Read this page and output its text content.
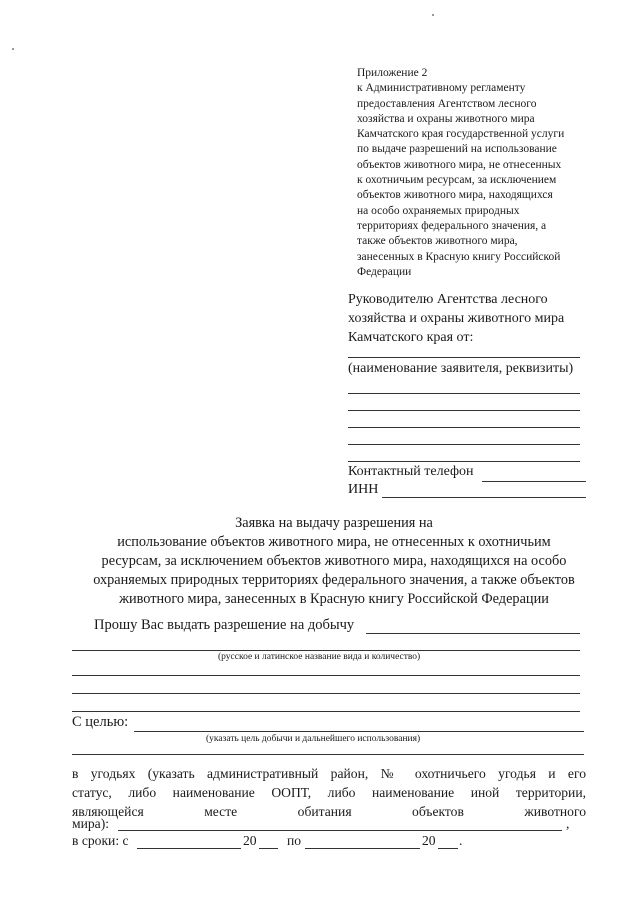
Приложение 2
к Административному регламенту
предоставления Агентством лесного
хозяйства и охраны животного мира
Камчатского края государственной услуги
по выдаче разрешений на использование
объектов животного мира, не отнесенных
к охотничьим ресурсам, за исключением
объектов животного мира, находящихся
на особо охраняемых природных
территориях федерального значения, а
также объектов животного мира,
занесенных в Красную книгу Российской
Федерации
Руководителю Агентства лесного
хозяйства и охраны животного мира
Камчатского края от:
(наименование заявителя, реквизиты)
Контактный телефон
ИНН
Заявка на выдачу разрешения на
использование объектов животного мира, не отнесенных к охотничьим
ресурсам, за исключением объектов животного мира, находящихся на особо
охраняемых природных территориях федерального значения, а также объектов
животного мира, занесенных в Красную книгу Российской Федерации
Прошу Вас выдать разрешение на добычу
(русское и латинское название вида и количество)
С целью:
(указать цель добычи и дальнейшего использования)
в угодьях (указать административный район, № охотничьего угодья и его
статус, либо наименование ООПТ, либо наименование иной территории,
являющейся месте обитания объектов животного
мира):	,
в сроки: с	20 по	20 .
